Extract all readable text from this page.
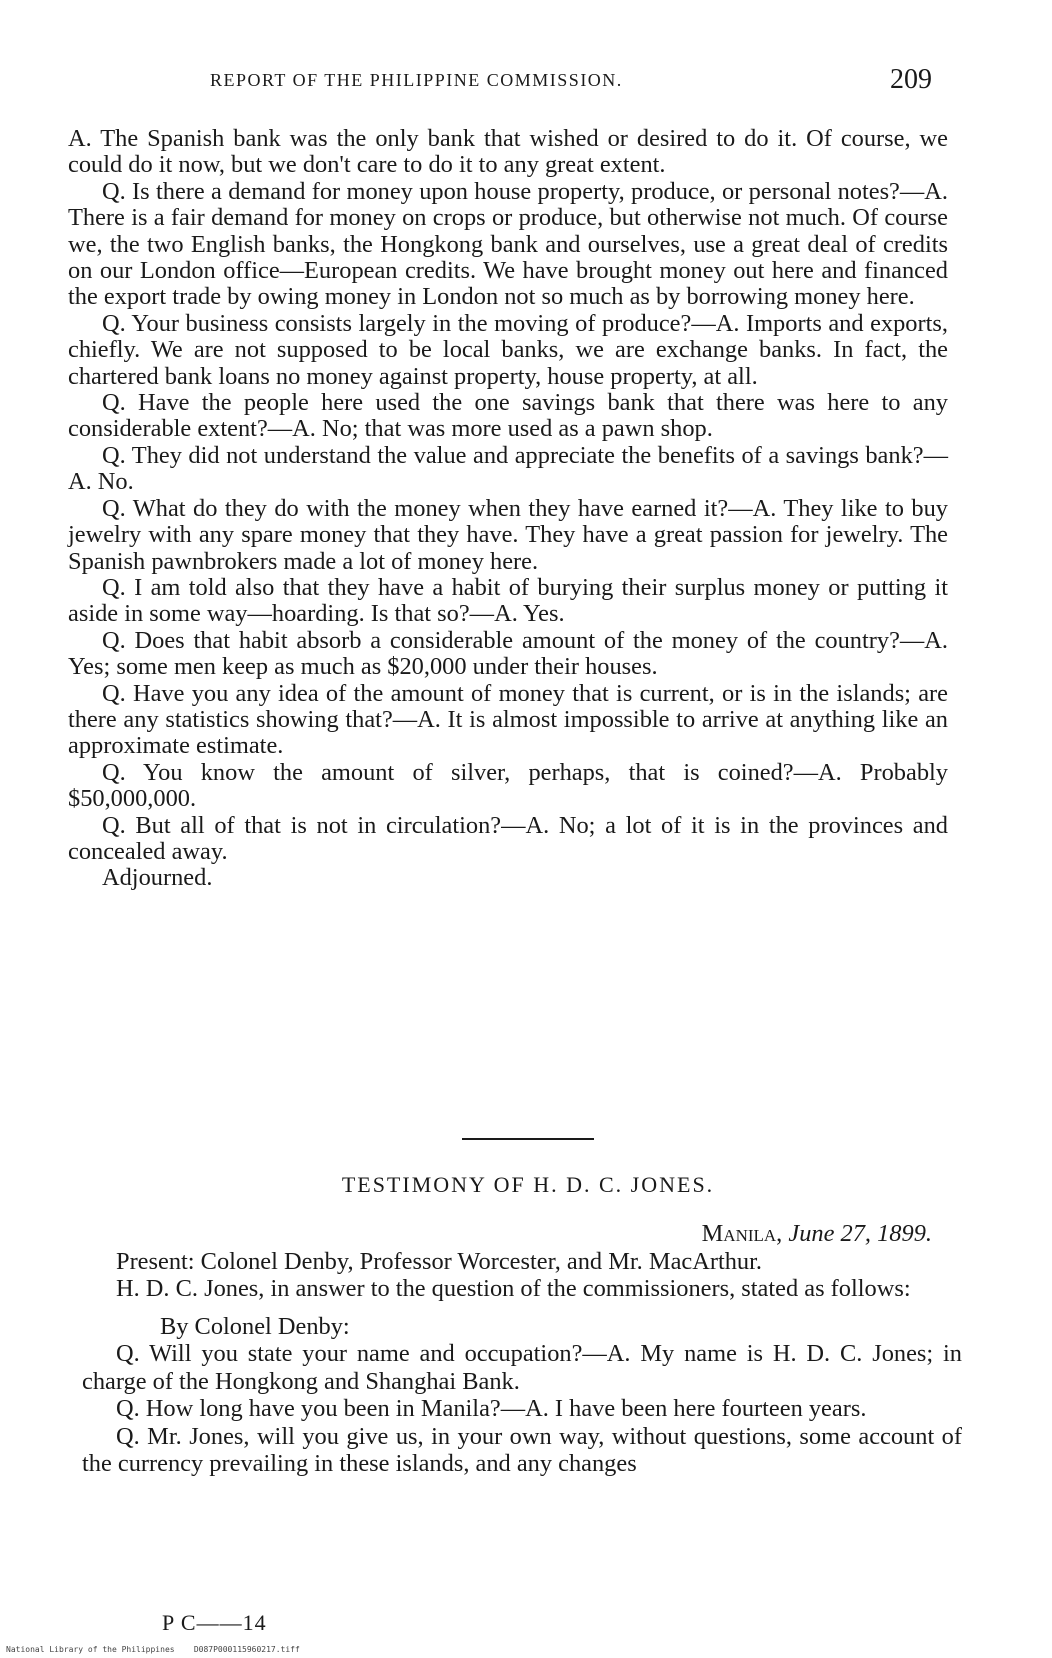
REPORT OF THE PHILIPPINE COMMISSION.	209

A. The Spanish bank was the only bank that wished or desired to do it. Of course, we could do it now, but we don't care to do it to any great extent.

Q. Is there a demand for money upon house property, produce, or personal notes?—A. There is a fair demand for money on crops or produce, but otherwise not much. Of course we, the two English banks, the Hongkong bank and ourselves, use a great deal of credits on our London office—European credits. We have brought money out here and financed the export trade by owing money in London not so much as by borrowing money here.

Q. Your business consists largely in the moving of produce?—A. Imports and exports, chiefly. We are not supposed to be local banks, we are exchange banks. In fact, the chartered bank loans no money against property, house property, at all.

Q. Have the people here used the one savings bank that there was here to any considerable extent?—A. No; that was more used as a pawn shop.

Q. They did not understand the value and appreciate the benefits of a savings bank?—A. No.

Q. What do they do with the money when they have earned it?—A. They like to buy jewelry with any spare money that they have. They have a great passion for jewelry. The Spanish pawnbrokers made a lot of money here.

Q. I am told also that they have a habit of burying their surplus money or putting it aside in some way—hoarding. Is that so?—A. Yes.

Q. Does that habit absorb a considerable amount of the money of the country?—A. Yes; some men keep as much as $20,000 under their houses.

Q. Have you any idea of the amount of money that is current, or is in the islands; are there any statistics showing that?—A. It is almost impossible to arrive at anything like an approximate estimate.

Q. You know the amount of silver, perhaps, that is coined?—A. Probably $50,000,000.

Q. But all of that is not in circulation?—A. No; a lot of it is in the provinces and concealed away.

Adjourned.

TESTIMONY OF H. D. C. JONES.

Manila, June 27, 1899.

Present: Colonel Denby, Professor Worcester, and Mr. MacArthur.

H. D. C. Jones, in answer to the question of the commissioners, stated as follows:

By Colonel Denby:

Q. Will you state your name and occupation?—A. My name is H. D. C. Jones; in charge of the Hongkong and Shanghai Bank.

Q. How long have you been in Manila?—A. I have been here fourteen years.

Q. Mr. Jones, will you give us, in your own way, without questions, some account of the currency prevailing in these islands, and any changes

P C——14
National Library of the Philippines    D087P000115960217.tiff
